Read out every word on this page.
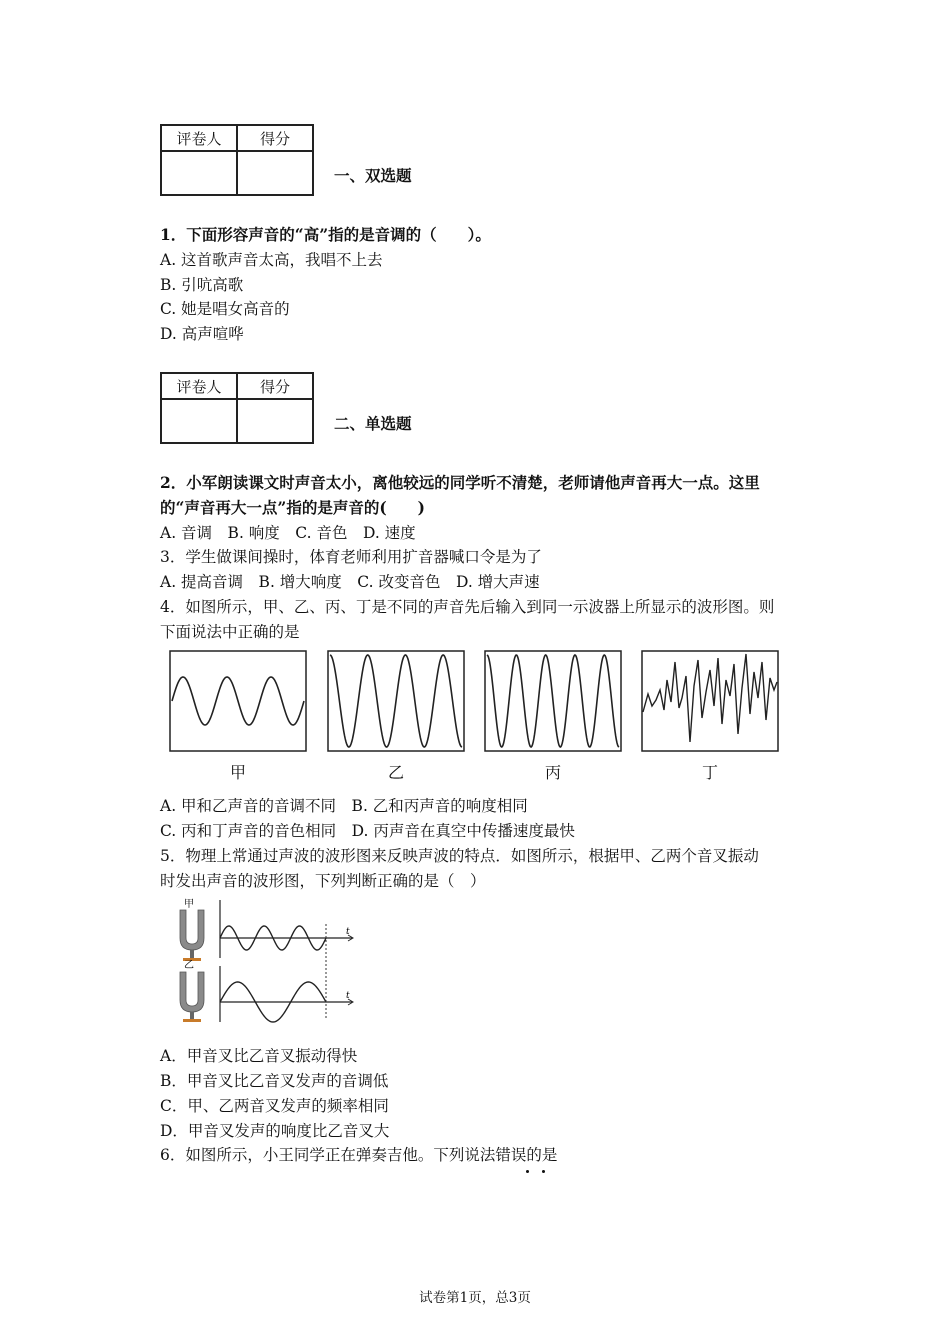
评卷人	得分

一、双选题
1．下面形容声音的“高”指的是音调的（　　）。
A. 这首歌声音太高，我唱不上去
B. 引吭高歌
C. 她是唱女高音的
D. 高声喧哗
评卷人	得分

二、单选题
2．小军朗读课文时声音太小，离他较远的同学听不清楚，老师请他声音再大一点。这里
的“声音再大一点”指的是声音的(　　)
A. 音调　B. 响度　C. 音色　D. 速度
3．学生做课间操时，体育老师利用扩音器喊口令是为了
A. 提高音调　B. 增大响度　C. 改变音色　D. 增大声速
4．如图所示，甲、乙、丙、丁是不同的声音先后输入到同一示波器上所显示的波形图。则
下面说法中正确的是
甲	乙	丙	丁
A. 甲和乙声音的音调不同　B. 乙和丙声音的响度相同
C. 丙和丁声音的音色相同　D. 丙声音在真空中传播速度最快
5．物理上常通过声波的波形图来反映声波的特点．如图所示，根据甲、乙两个音叉振动
时发出声音的波形图，下列判断正确的是（　）
甲
t
乙
t
A．甲音叉比乙音叉振动得快
B．甲音叉比乙音叉发声的音调低
C．甲、乙两音叉发声的频率相同
D．甲音叉发声的响度比乙音叉大
6．如图所示，小王同学正在弹奏吉他。下列说法错误的是
试卷第1页，总3页
